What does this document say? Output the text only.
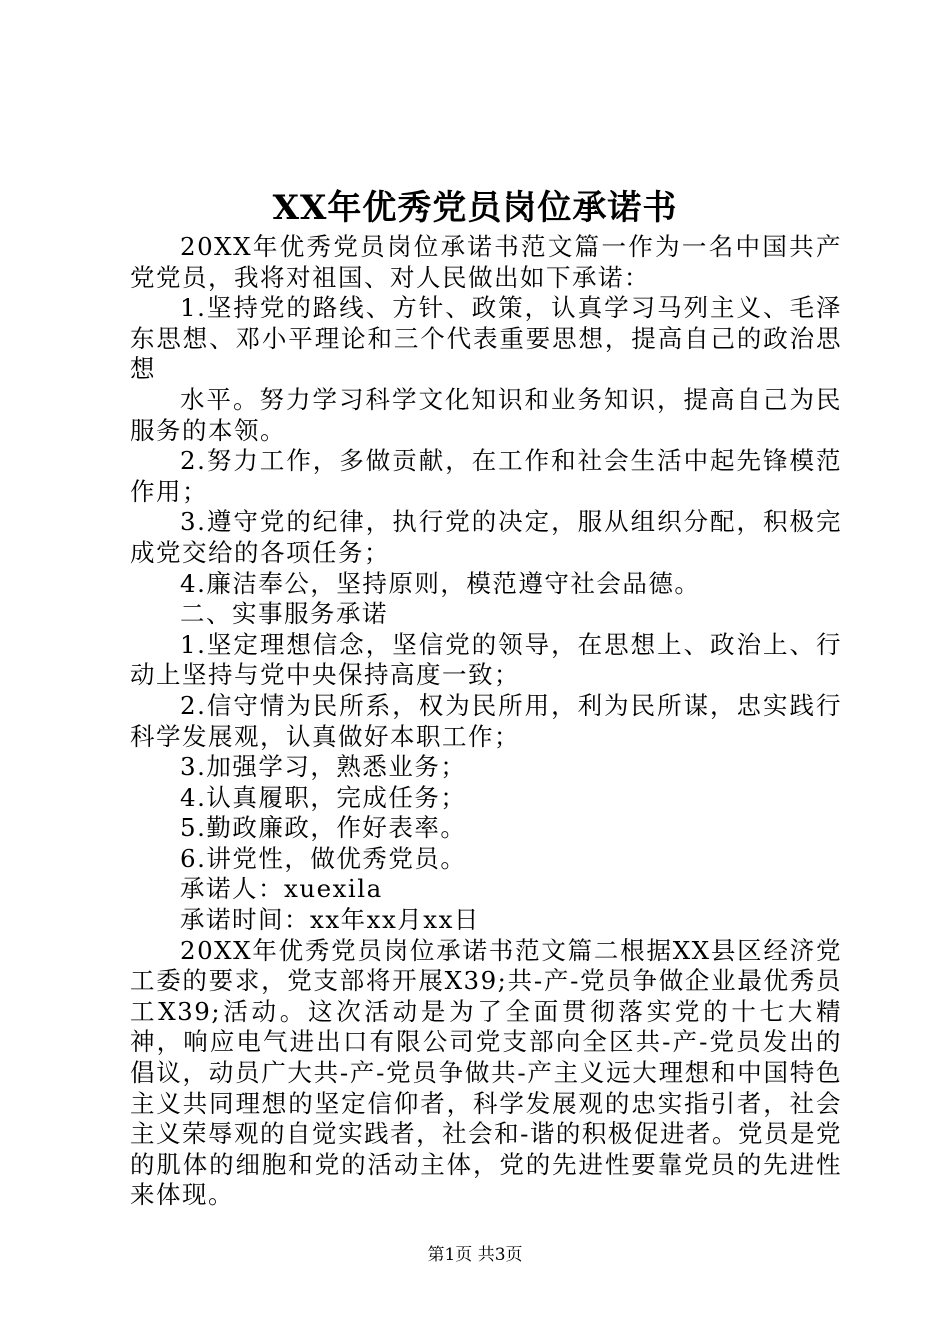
XX年优秀党员岗位承诺书

20XX年优秀党员岗位承诺书范文篇一作为一名中国共产党党员，我将对祖国、对人民做出如下承诺：

1.坚持党的路线、方针、政策，认真学习马列主义、毛泽东思想、邓小平理论和三个代表重要思想，提高自己的政治思想

水平。努力学习科学文化知识和业务知识，提高自己为民服务的本领。

2.努力工作，多做贡献，在工作和社会生活中起先锋模范作用；

3.遵守党的纪律，执行党的决定，服从组织分配，积极完成党交给的各项任务；

4.廉洁奉公，坚持原则，模范遵守社会品德。

二、实事服务承诺

1.坚定理想信念，坚信党的领导，在思想上、政治上、行动上坚持与党中央保持高度一致；

2.信守情为民所系，权为民所用，利为民所谋，忠实践行科学发展观，认真做好本职工作；

3.加强学习，熟悉业务；

4.认真履职，完成任务；

5.勤政廉政，作好表率。

6.讲党性，做优秀党员。

承诺人：xuexila

承诺时间：xx年xx月xx日

20XX年优秀党员岗位承诺书范文篇二根据XX县区经济党工委的要求，党支部将开展X39;共-产-党员争做企业最优秀员工X39;活动。这次活动是为了全面贯彻落实党的十七大精神，响应电气进出口有限公司党支部向全区共-产-党员发出的倡议，动员广大共-产-党员争做共-产主义远大理想和中国特色主义共同理想的坚定信仰者，科学发展观的忠实指引者，社会主义荣辱观的自觉实践者，社会和-谐的积极促进者。党员是党的肌体的细胞和党的活动主体，党的先进性要靠党员的先进性来体现。

第1页 共3页
